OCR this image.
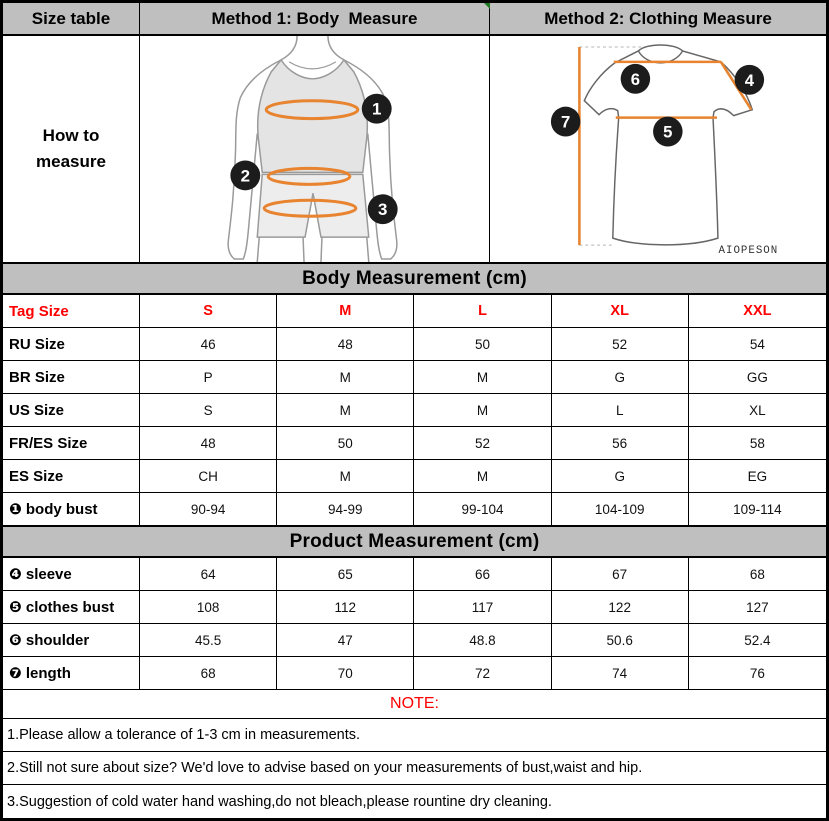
Size table	Method 1: Body  Measure	Method 2: Clothing Measure
How to measure
1
2
3
6	4
7
5
AIOPESON
Body Measurement (cm)
Tag Size	S	M	L	XL	XXL
RU Size	46	48	50	52	54
BR Size	P	M	M	G	GG
US Size	S	M	M	L	XL
FR/ES Size	48	50	52	56	58
ES Size	CH	M	M	G	EG
❶ body bust	90-94	94-99	99-104	104-109	109-114
Product Measurement (cm)
❹ sleeve	64	65	66	67	68
❺ clothes bust	108	112	117	122	127
❻ shoulder	45.5	47	48.8	50.6	52.4
❼ length	68	70	72	74	76
NOTE:
1.Please allow a tolerance of 1-3 cm in measurements.
2.Still not sure about size? We'd love to advise based on your measurements of bust,waist and hip.
3.Suggestion of cold water hand washing,do not bleach,please rountine dry cleaning.
